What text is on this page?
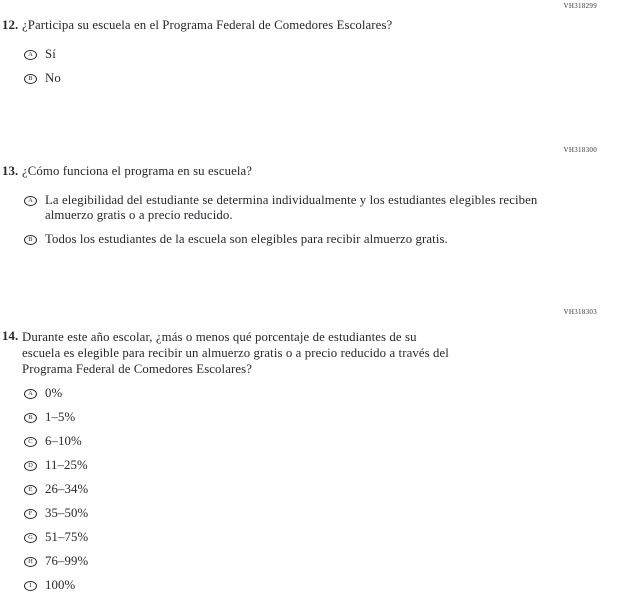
VH318299
12. ¿Participa su escuela en el Programa Federal de Comedores Escolares?
A Sí
B No
VH318300
13. ¿Cómo funciona el programa en su escuela?
A La elegibilidad del estudiante se determina individualmente y los estudiantes elegibles reciben
almuerzo gratis o a precio reducido.
B Todos los estudiantes de la escuela son elegibles para recibir almuerzo gratis.
VH318303
14. Durante este año escolar, ¿más o menos qué porcentaje de estudiantes de su
escuela es elegible para recibir un almuerzo gratis o a precio reducido a través del
Programa Federal de Comedores Escolares?
A 0%
B 1–5%
C 6–10%
D 11–25%
E 26–34%
F 35–50%
G 51–75%
H 76–99%
I	100%
